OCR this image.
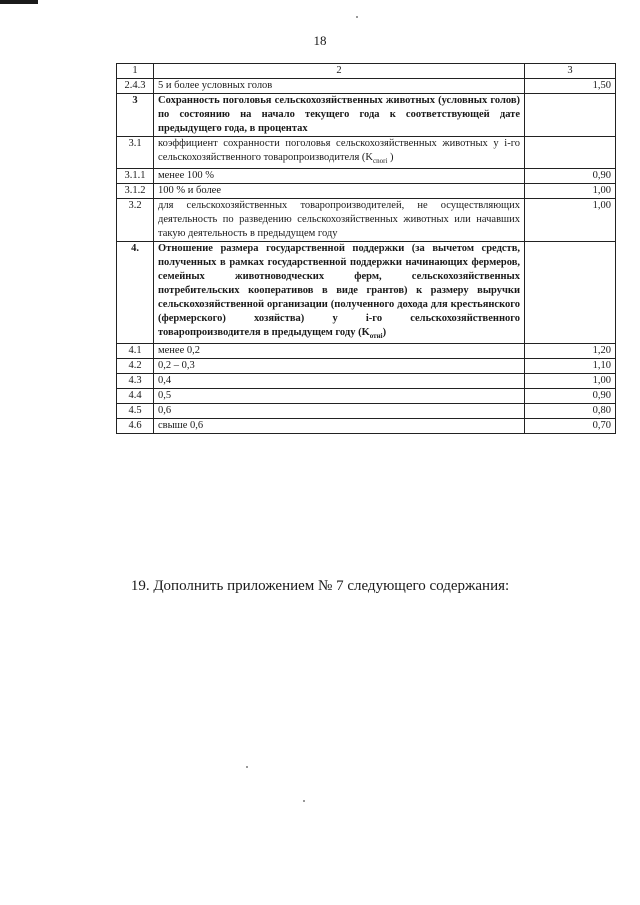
18
1	2	3
2.4.3	5 и более условных голов	1,50
3	Сохранность поголовья сельскохозяйственных животных (условных голов) по состоянию на начало текущего года к соответствующей дате предыдущего года, в процентах	
3.1	коэффициент сохранности поголовья сельскохозяйственных животных у i-го сельскохозяйственного товаропроизводителя ($K_{cnori}$ )	
3.1.1	менее 100 %	0,90
3.1.2	100 % и более	1,00
3.2	для сельскохозяйственных товаропроизводителей, не осуществляющих деятельность по разведению сельскохозяйственных животных или начавших такую деятельность в предыдущем году	1,00
4.	Отношение размера государственной поддержки (за вычетом средств, полученных в рамках государственной поддержки начинающих фермеров, семейных животноводческих ферм, сельскохозяйственных потребительских кооперативов в виде грантов) к размеру выручки сельскохозяйственной организации (полученного дохода для крестьянского (фермерского) хозяйства) у i-го сельскохозяйственного товаропроизводителя в предыдущем году $(K_{отнi})$	
4.1	менее 0,2	1,20
4.2	0,2 – 0,3	1,10
4.3	0,4	1,00
4.4	0,5	0,90
4.5	0,6	0,80
4.6	свыше 0,6	0,70
19. Дополнить приложением № 7 следующего содержания:
